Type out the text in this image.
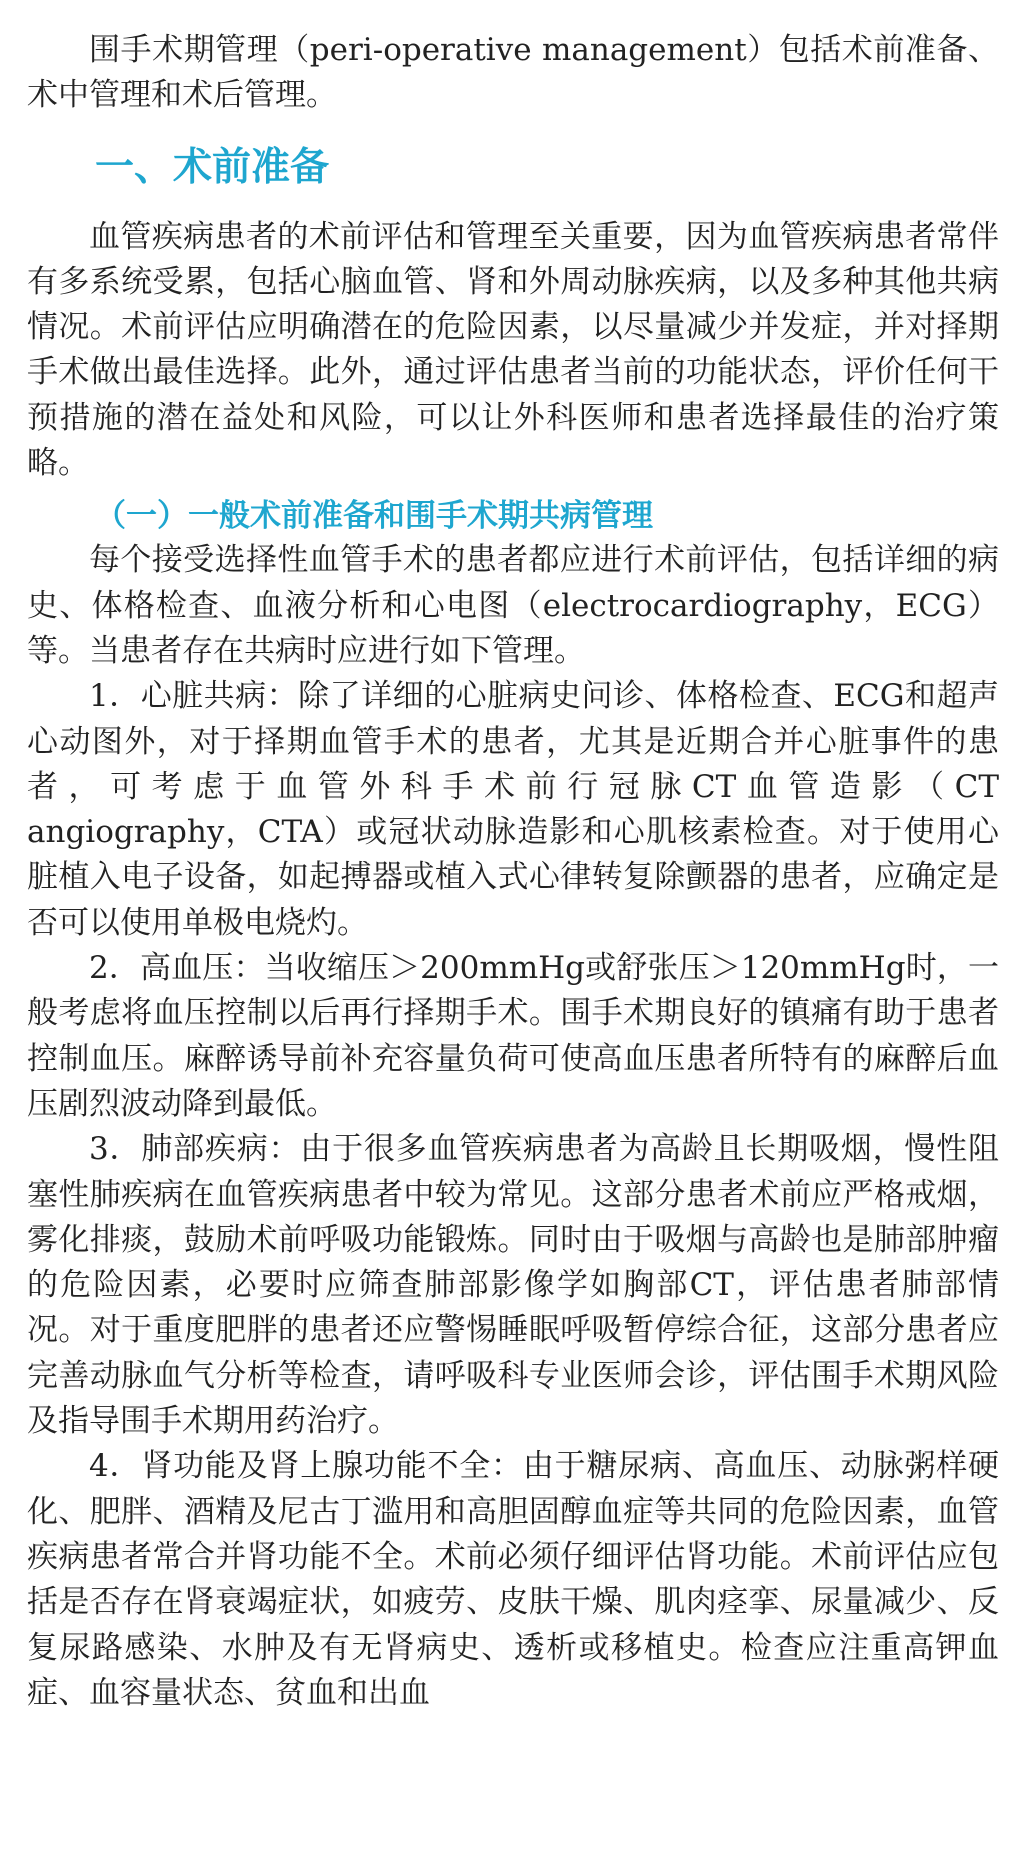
围手术期管理（peri-operative management）包括术前准备、术中管理和术后管理。

一、术前准备

血管疾病患者的术前评估和管理至关重要，因为血管疾病患者常伴有多系统受累，包括心脑血管、肾和外周动脉疾病，以及多种其他共病情况。术前评估应明确潜在的危险因素，以尽量减少并发症，并对择期手术做出最佳选择。此外，通过评估患者当前的功能状态，评价任何干预措施的潜在益处和风险，可以让外科医师和患者选择最佳的治疗策略。

（一）一般术前准备和围手术期共病管理

每个接受选择性血管手术的患者都应进行术前评估，包括详细的病史、体格检查、血液分析和心电图（electrocardiography，ECG）等。当患者存在共病时应进行如下管理。

1．心脏共病：除了详细的心脏病史问诊、体格检查、ECG和超声心动图外，对于择期血管手术的患者，尤其是近期合并心脏事件的患者，可考虑于血管外科手术前行冠脉CT血管造影（CT angiography，CTA）或冠状动脉造影和心肌核素检查。对于使用心脏植入电子设备，如起搏器或植入式心律转复除颤器的患者，应确定是否可以使用单极电烧灼。

2．高血压：当收缩压＞200mmHg或舒张压＞120mmHg时，一般考虑将血压控制以后再行择期手术。围手术期良好的镇痛有助于患者控制血压。麻醉诱导前补充容量负荷可使高血压患者所特有的麻醉后血压剧烈波动降到最低。

3．肺部疾病：由于很多血管疾病患者为高龄且长期吸烟，慢性阻塞性肺疾病在血管疾病患者中较为常见。这部分患者术前应严格戒烟，雾化排痰，鼓励术前呼吸功能锻炼。同时由于吸烟与高龄也是肺部肿瘤的危险因素，必要时应筛查肺部影像学如胸部CT，评估患者肺部情况。对于重度肥胖的患者还应警惕睡眠呼吸暂停综合征，这部分患者应完善动脉血气分析等检查，请呼吸科专业医师会诊，评估围手术期风险及指导围手术期用药治疗。

4．肾功能及肾上腺功能不全：由于糖尿病、高血压、动脉粥样硬化、肥胖、酒精及尼古丁滥用和高胆固醇血症等共同的危险因素，血管疾病患者常合并肾功能不全。术前必须仔细评估肾功能。术前评估应包括是否存在肾衰竭症状，如疲劳、皮肤干燥、肌肉痉挛、尿量减少、反复尿路感染、水肿及有无肾病史、透析或移植史。检查应注重高钾血症、血容量状态、贫血和出血
